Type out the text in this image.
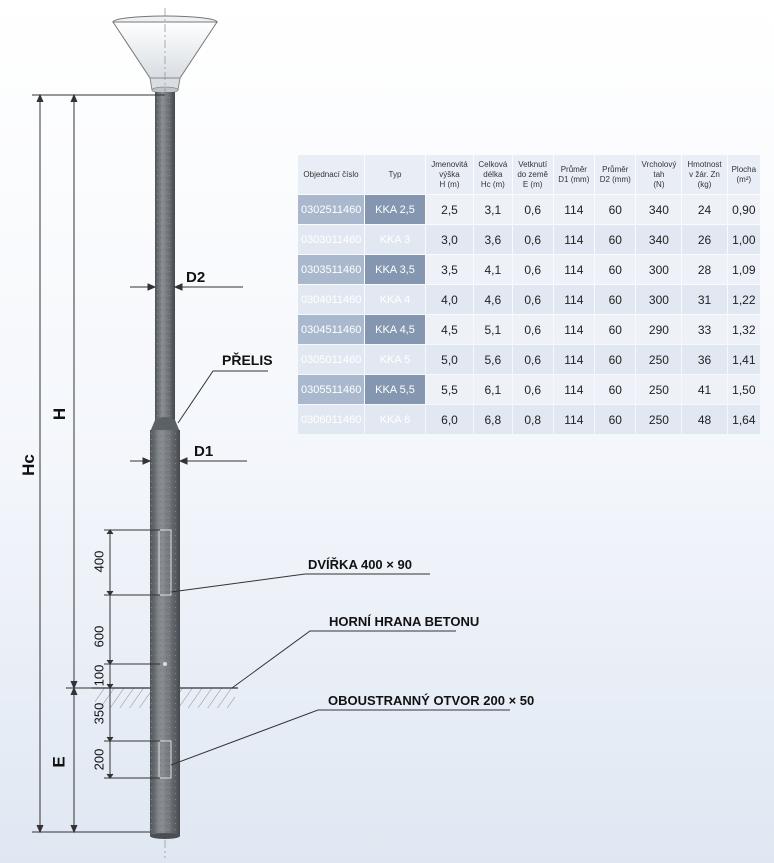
D2
D1
PŘELIS
H
Hc
E
DVÍŘKA 400 × 90
HORNÍ HRANA BETONU
OBOUSTRANNÝ OTVOR 200 × 50
400
600
100
350
200
Objednací číslo	Typ	Jmenovitá
výška
H (m)	Celková
délka
Hc (m)	Vetknutí
do země
E (m)	Průměr
D1 (mm)	Průměr
D2 (mm)	Vrcholový
tah
(N)	Hmotnost
v žár. Zn
(kg)	Plocha
(m²)

0302511460	KKA 2,5	2,5	3,1	0,6	114	60	340	24	0,90
0303011460	KKA 3	3,0	3,6	0,6	114	60	340	26	1,00
0303511460	KKA 3,5	3,5	4,1	0,6	114	60	300	28	1,09
0304011460	KKA 4	4,0	4,6	0,6	114	60	300	31	1,22
0304511460	KKA 4,5	4,5	5,1	0,6	114	60	290	33	1,32
0305011460	KKA 5	5,0	5,6	0,6	114	60	250	36	1,41
0305511460	KKA 5,5	5,5	6,1	0,6	114	60	250	41	1,50
0306011460	KKA 6	6,0	6,8	0,8	114	60	250	48	1,64
